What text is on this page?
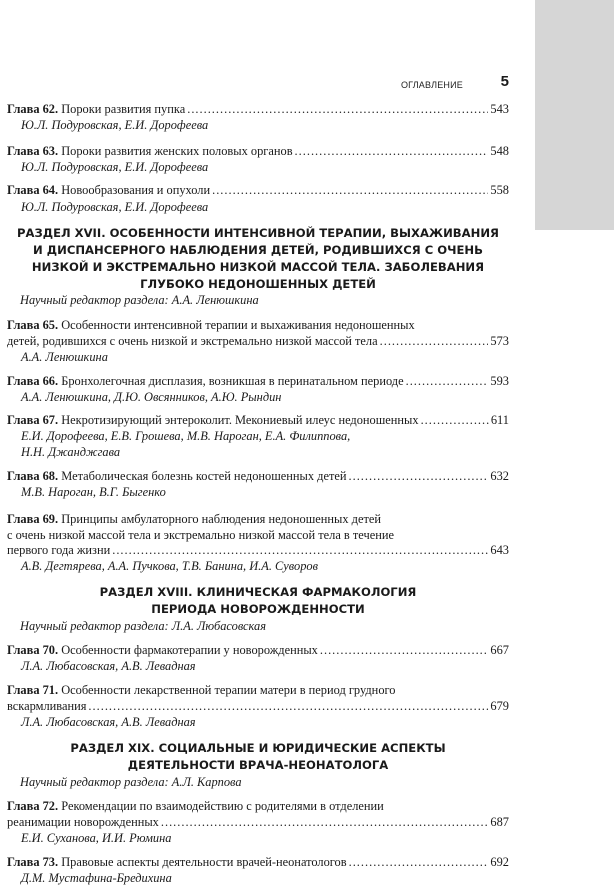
ОГЛАВЛЕНИЕ	5
Глава 62.
Пороки развития пупка .....	543
Ю.Л. Подуровская, Е.И. Дорофеева
Глава 63.
Пороки развития женских половых органов .....	548
Ю.Л. Подуровская, Е.И. Дорофеева
Глава 64.
Новообразования и опухоли .....	558
Ю.Л. Подуровская, Е.И. Дорофеева
РАЗДЕЛ XVII. ОСОБЕННОСТИ ИНТЕНСИВНОЙ ТЕРАПИИ, ВЫХАЖИВАНИЯ
И ДИСПАНСЕРНОГО НАБЛЮДЕНИЯ ДЕТЕЙ, РОДИВШИХСЯ С ОЧЕНЬ
НИЗКОЙ И ЭКСТРЕМАЛЬНО НИЗКОЙ МАССОЙ ТЕЛА. ЗАБОЛЕВАНИЯ
ГЛУБОКО НЕДОНОШЕННЫХ ДЕТЕЙ
Научный редактор раздела: А.А. Ленюшкина
Глава 65. Особенности интенсивной терапии и выхаживания недоношенных
детей, родившихся с очень низкой и экстремально низкой массой тела .....	573
А.А. Ленюшкина
Глава 66.
Бронхолегочная дисплазия, возникшая в перинатальном периоде .....	593
А.А. Ленюшкина, Д.Ю. Овсянников, А.Ю. Рындин
Глава 67.
Некротизирующий энтероколит. Мекониевый илеус недоношенных .....	611
Е.И. Дорофеева, Е.В. Грошева, М.В. Нароган, Е.А. Филиппова,
Н.Н. Джанджгава
Глава 68.
Метаболическая болезнь костей недоношенных детей .....	632
М.В. Нароган, В.Г. Быгенко
Глава 69. Принципы амбулаторного наблюдения недоношенных детей
с очень низкой массой тела и экстремально низкой массой тела в течение
первого года жизни .....	643
А.В. Дегтярева, А.А. Пучкова, Т.В. Банина, И.А. Суворов
РАЗДЕЛ XVIII. КЛИНИЧЕСКАЯ ФАРМАКОЛОГИЯ
ПЕРИОДА НОВОРОЖДЕННОСТИ
Научный редактор раздела: Л.А. Любасовская
Глава 70.
Особенности фармакотерапии у новорожденных .....	667
Л.А. Любасовская, А.В. Левадная
Глава 71. Особенности лекарственной терапии матери в период грудного
вскармливания .....	679
Л.А. Любасовская, А.В. Левадная
РАЗДЕЛ XIX. СОЦИАЛЬНЫЕ И ЮРИДИЧЕСКИЕ АСПЕКТЫ
ДЕЯТЕЛЬНОСТИ ВРАЧА-НЕОНАТОЛОГА
Научный редактор раздела: А.Л. Карпова
Глава 72. Рекомендации по взаимодействию с родителями в отделении
реанимации новорожденных .....	687
Е.И. Суханова, И.И. Рюмина
Глава 73.
Правовые аспекты деятельности врачей-неонатологов .....	692
Д.М. Мустафина-Бредихина
